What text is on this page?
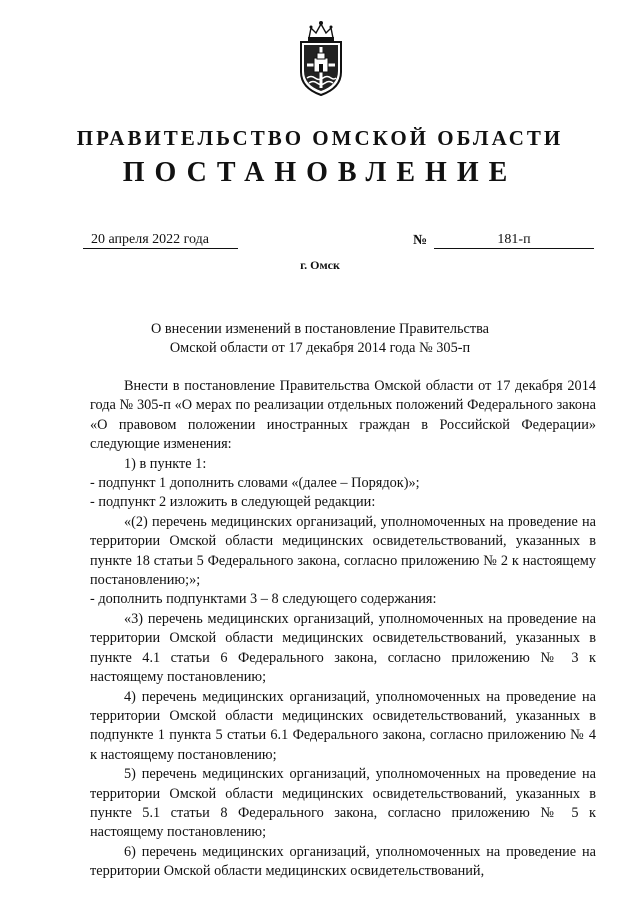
ПРАВИТЕЛЬСТВО ОМСКОЙ ОБЛАСТИ
ПОСТАНОВЛЕНИЕ
20 апреля 2022 года	№	181-п
г. Омск
О внесении изменений в постановление Правительства
Омской области от 17 декабря 2014 года № 305-п

Внести в постановление Правительства Омской области от 17 декабря 2014 года № 305-п «О мерах по реализации отдельных положений Федерального закона «О правовом положении иностранных граждан в Российской Федерации» следующие изменения:

1) в пункте 1:

- подпункт 1 дополнить словами «(далее – Порядок)»;

- подпункт 2 изложить в следующей редакции:

«(2) перечень медицинских организаций, уполномоченных на проведение на территории Омской области медицинских освидетельствований, указанных в пункте 18 статьи 5 Федерального закона, согласно приложению № 2 к настоящему постановлению;»;

- дополнить подпунктами 3 – 8 следующего содержания:

«3) перечень медицинских организаций, уполномоченных на проведение на территории Омской области медицинских освидетельствований, указанных в пункте 4.1 статьи 6 Федерального закона, согласно приложению № 3 к настоящему постановлению;

4) перечень медицинских организаций, уполномоченных на проведение на территории Омской области медицинских освидетельствований, указанных в подпункте 1 пункта 5 статьи 6.1 Федерального закона, согласно приложению № 4 к настоящему постановлению;

5) перечень медицинских организаций, уполномоченных на проведение на территории Омской области медицинских освидетельствований, указанных в пункте 5.1 статьи 8 Федерального закона, согласно приложению № 5 к настоящему постановлению;

6) перечень медицинских организаций, уполномоченных на проведение на территории Омской области медицинских освидетельствований,
